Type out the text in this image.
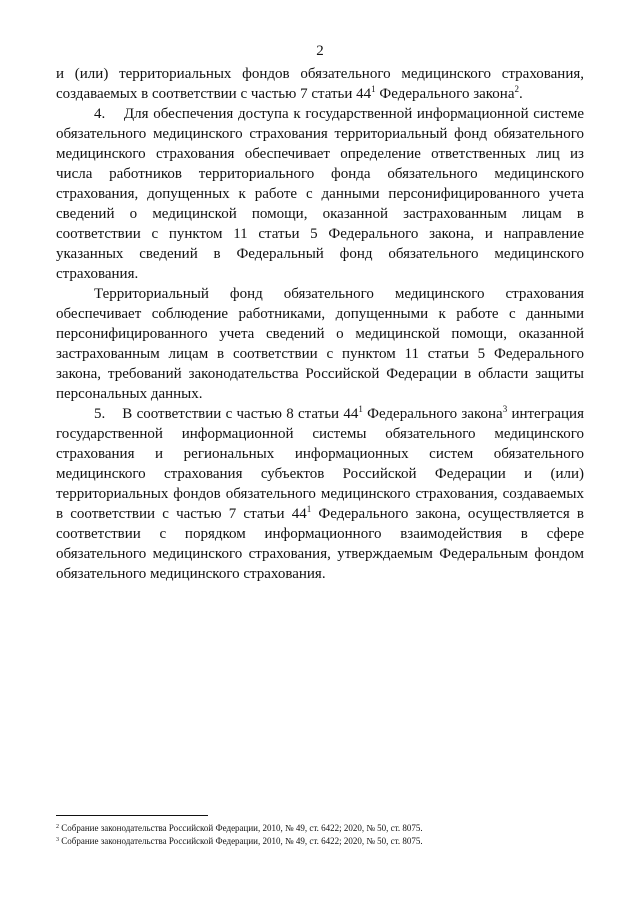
2

и (или) территориальных фондов обязательного медицинского страхования, создаваемых в соответствии с частью 7 статьи $44^1$ Федерального закона$^2$.

4.    Для обеспечения доступа к государственной информационной системе обязательного медицинского страхования территориальный фонд обязательного медицинского страхования обеспечивает определение ответственных лиц из числа работников территориального фонда обязательного медицинского страхования, допущенных к работе с данными персонифицированного учета сведений о медицинской помощи, оказанной застрахованным лицам в соответствии с пунктом 11 статьи 5 Федерального закона, и направление указанных сведений в Федеральный фонд обязательного медицинского страхования.

Территориальный фонд обязательного медицинского страхования обеспечивает соблюдение работниками, допущенными к работе с данными персонифицированного учета сведений о медицинской помощи, оказанной застрахованным лицам в соответствии с пунктом 11 статьи 5 Федерального закона, требований законодательства Российской Федерации в области защиты персональных данных.

5.    В соответствии с частью 8 статьи $44^1$ Федерального закона$^3$ интеграция государственной информационной системы обязательного медицинского страхования и региональных информационных систем обязательного медицинского страхования субъектов Российской Федерации и (или) территориальных фондов обязательного медицинского страхования, создаваемых в соответствии с частью 7 статьи $44^1$ Федерального закона, осуществляется в соответствии с порядком информационного взаимодействия в сфере обязательного медицинского страхования, утверждаемым Федеральным фондом обязательного медицинского страхования.

$^2$ Собрание законодательства Российской Федерации, 2010, № 49, ст. 6422; 2020, № 50, ст. 8075.
$^3$ Собрание законодательства Российской Федерации, 2010, № 49, ст. 6422; 2020, № 50, ст. 8075.
